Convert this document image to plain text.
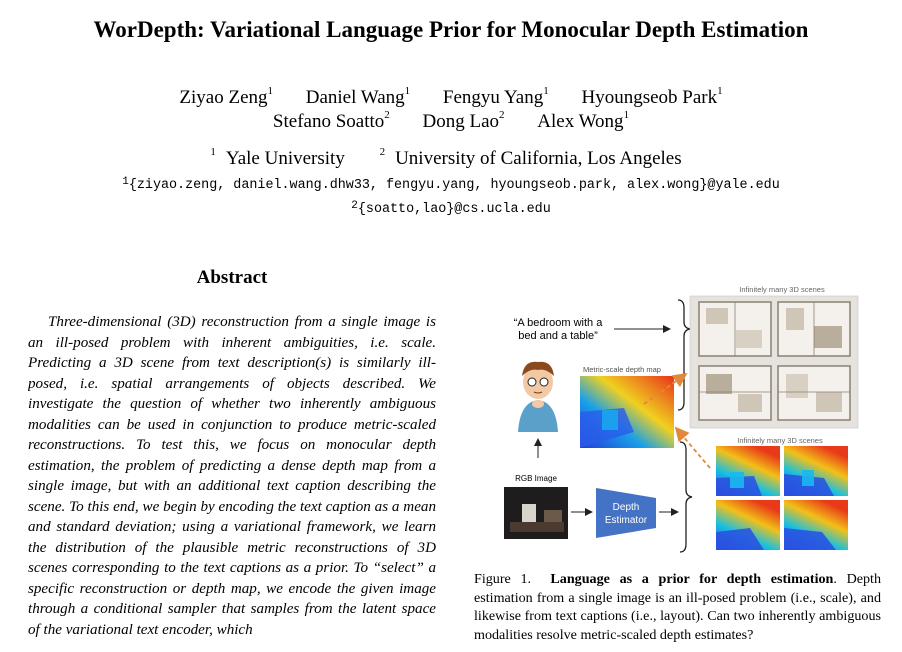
WorDepth: Variational Language Prior for Monocular Depth Estimation
Ziyao Zeng$^1$ Daniel Wang$^1$ Fengyu Yang$^1$ Hyoungseob Park$^1$
Stefano Soatto$^2$ Dong Lao$^2$ Alex Wong$^1$
$^1$ Yale University	$^2$ University of California, Los Angeles
$^1${ziyao.zeng, daniel.wang.dhw33, fengyu.yang, hyoungseob.park, alex.wong}@yale.edu
$^2${soatto,lao}@cs.ucla.edu
Abstract
Three-dimensional (3D) reconstruction from a single image is an ill-posed problem with inherent ambiguities, i.e. scale. Predicting a 3D scene from text description(s) is similarly ill-posed, i.e. spatial arrangements of objects described. We investigate the question of whether two inherently ambiguous modalities can be used in conjunction to produce metric-scaled reconstructions. To test this, we focus on monocular depth estimation, the problem of predicting a dense depth map from a single image, but with an additional text caption describing the scene. To this end, we begin by encoding the text caption as a mean and standard deviation; using a variational framework, we learn the distribution of the plausible metric reconstructions of 3D scenes corresponding to the text captions as a prior. To “select” a specific reconstruction or depth map, we encode the given image through a conditional sampler that samples from the latent space of the variational text encoder, which
“A bedroom with a
bed and a table”
Infinitely many 3D scenes
Metric-scale depth map
Infinitely many 3D scenes
RGB Image
Depth
Estimator
Figure 1. Language as a prior for depth estimation. Depth estimation from a single image is an ill-posed problem (i.e., scale), and likewise from text captions (i.e., layout). Can two inherently ambiguous modalities resolve metric-scaled depth estimates?
